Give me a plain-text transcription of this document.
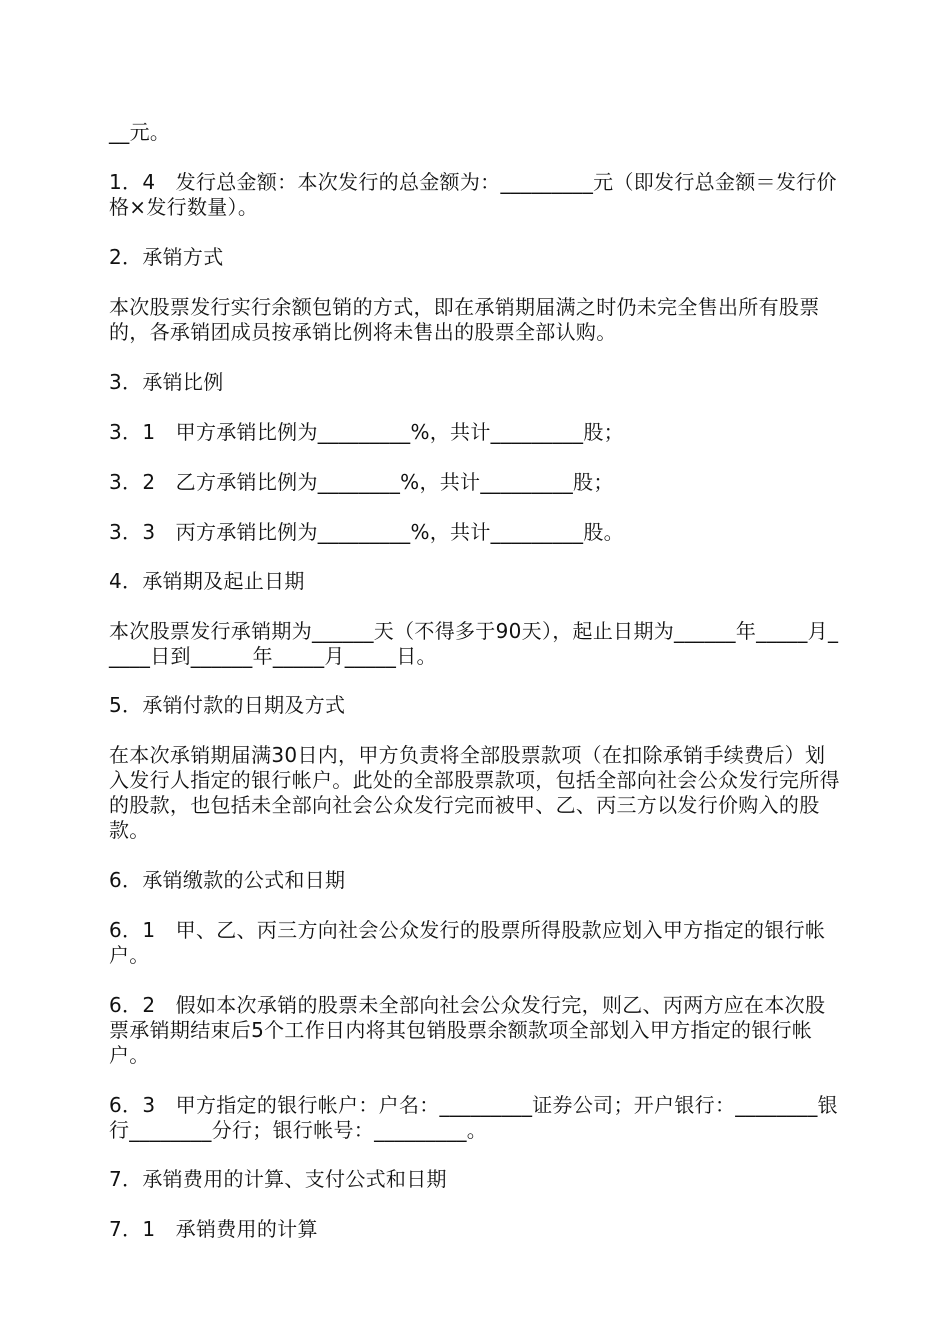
__元。

1．4　发行总金额：本次发行的总金额为：_________元（即发行总金额＝发行价格×发行数量）。

2．承销方式

本次股票发行实行余额包销的方式，即在承销期届满之时仍未完全售出所有股票的，各承销团成员按承销比例将未售出的股票全部认购。

3．承销比例

3．1　甲方承销比例为_________%，共计_________股；

3．2　乙方承销比例为________%，共计_________股；

3．3　丙方承销比例为_________%，共计_________股。

4．承销期及起止日期

本次股票发行承销期为______天（不得多于90天），起止日期为______年_____月_____日到______年_____月_____日。

5．承销付款的日期及方式

在本次承销期届满30日内，甲方负责将全部股票款项（在扣除承销手续费后）划入发行人指定的银行帐户。此处的全部股票款项，包括全部向社会公众发行完所得的股款，也包括未全部向社会公众发行完而被甲、乙、丙三方以发行价购入的股款。

6．承销缴款的公式和日期

6．1　甲、乙、丙三方向社会公众发行的股票所得股款应划入甲方指定的银行帐户。

6．2　假如本次承销的股票未全部向社会公众发行完，则乙、丙两方应在本次股票承销期结束后5个工作日内将其包销股票余额款项全部划入甲方指定的银行帐户。

6．3　甲方指定的银行帐户：户名：_________证券公司；开户银行：________银行________分行；银行帐号：_________。

7．承销费用的计算、支付公式和日期

7．1　承销费用的计算
